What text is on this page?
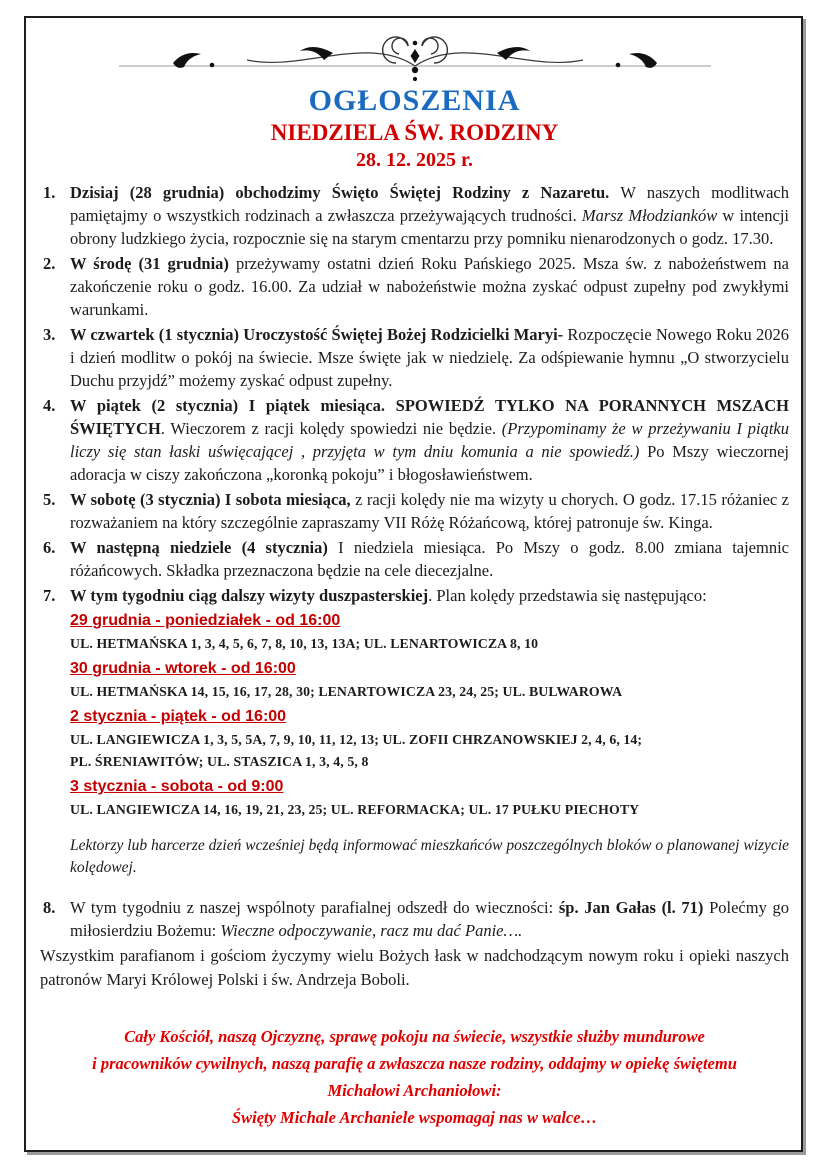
OGŁOSZENIA
NIEDZIELA ŚW. RODZINY
28. 12. 2025 r.
1. Dzisiaj (28 grudnia) obchodzimy Święto Świętej Rodziny z Nazaretu. W naszych modlitwach pamiętajmy o wszystkich rodzinach a zwłaszcza przeżywających trudności. Marsz Młodzianków w intencji obrony ludzkiego życia, rozpocznie się na starym cmentarzu przy pomniku nienarodzonych o godz. 17.30.
2. W środę (31 grudnia) przeżywamy ostatni dzień Roku Pańskiego 2025. Msza św. z nabożeństwem na zakończenie roku o godz. 16.00. Za udział w nabożeństwie można zyskać odpust zupełny pod zwykłymi warunkami.
3. W czwartek (1 stycznia) Uroczystość Świętej Bożej Rodzicielki Maryi- Rozpoczęcie Nowego Roku 2026 i dzień modlitw o pokój na świecie. Msze święte jak w niedzielę. Za odśpiewanie hymnu „O stworzycielu Duchu przyjdź” możemy zyskać odpust zupełny.
4. W piątek (2 stycznia) I piątek miesiąca. SPOWIEDŹ TYLKO NA PORANNYCH MSZACH ŚWIĘTYCH. Wieczorem z racji kolędy spowiedzi nie będzie. (Przypominamy że w przeżywaniu I piątku liczy się stan łaski uświęcającej , przyjęta w tym dniu komunia a nie spowiedź.) Po Mszy wieczornej adoracja w ciszy zakończona „koronką pokoju” i błogosławieństwem.
5. W sobotę (3 stycznia) I sobota miesiąca, z racji kolędy nie ma wizyty u chorych. O godz. 17.15 różaniec z rozważaniem na który szczególnie zapraszamy VII Różę Różańcową, której patronuje św. Kinga.
6. W następną niedziele (4 stycznia) I niedziela miesiąca. Po Mszy o godz. 8.00 zmiana tajemnic różańcowych. Składka przeznaczona będzie na cele diecezjalne.
7. W tym tygodniu ciąg dalszy wizyty duszpasterskiej. Plan kolędy przedstawia się następująco:
29 grudnia - poniedziałek - od 16:00
UL. HETMAŃSKA 1, 3, 4, 5, 6, 7, 8, 10, 13, 13A; UL. LENARTOWICZA 8, 10
30 grudnia - wtorek - od 16:00
UL. HETMAŃSKA 14, 15, 16, 17, 28, 30; LENARTOWICZA 23, 24, 25; UL. BULWAROWA
2 stycznia - piątek - od 16:00
UL. LANGIEWICZA 1, 3, 5, 5A, 7, 9, 10, 11, 12, 13; UL. ZOFII CHRZANOWSKIEJ 2, 4, 6, 14;
PL. ŚRENIAWITÓW; UL. STASZICA 1, 3, 4, 5, 8
3 stycznia - sobota - od 9:00
UL. LANGIEWICZA 14, 16, 19, 21, 23, 25; UL. REFORMACKA; UL. 17 PUŁKU PIECHOTY
Lektorzy lub harcerze dzień wcześniej będą informować mieszkańców poszczególnych bloków o planowanej wizycie kolędowej.
8. W tym tygodniu z naszej wspólnoty parafialnej odszedł do wieczności: śp. Jan Gałas (l. 71) Polećmy go miłosierdziu Bożemu: Wieczne odpoczywanie, racz mu dać Panie….

Wszystkim parafianom i gościom życzymy wielu Bożych łask w nadchodzącym nowym roku i opieki naszych patronów Maryi Królowej Polski i św. Andrzeja Boboli.

Cały Kościół, naszą Ojczyznę, sprawę pokoju na świecie, wszystkie służby mundurowe
i pracowników cywilnych, naszą parafię a zwłaszcza nasze rodziny, oddajmy w opiekę świętemu
Michałowi Archaniołowi:
Święty Michale Archaniele wspomagaj nas w walce…
